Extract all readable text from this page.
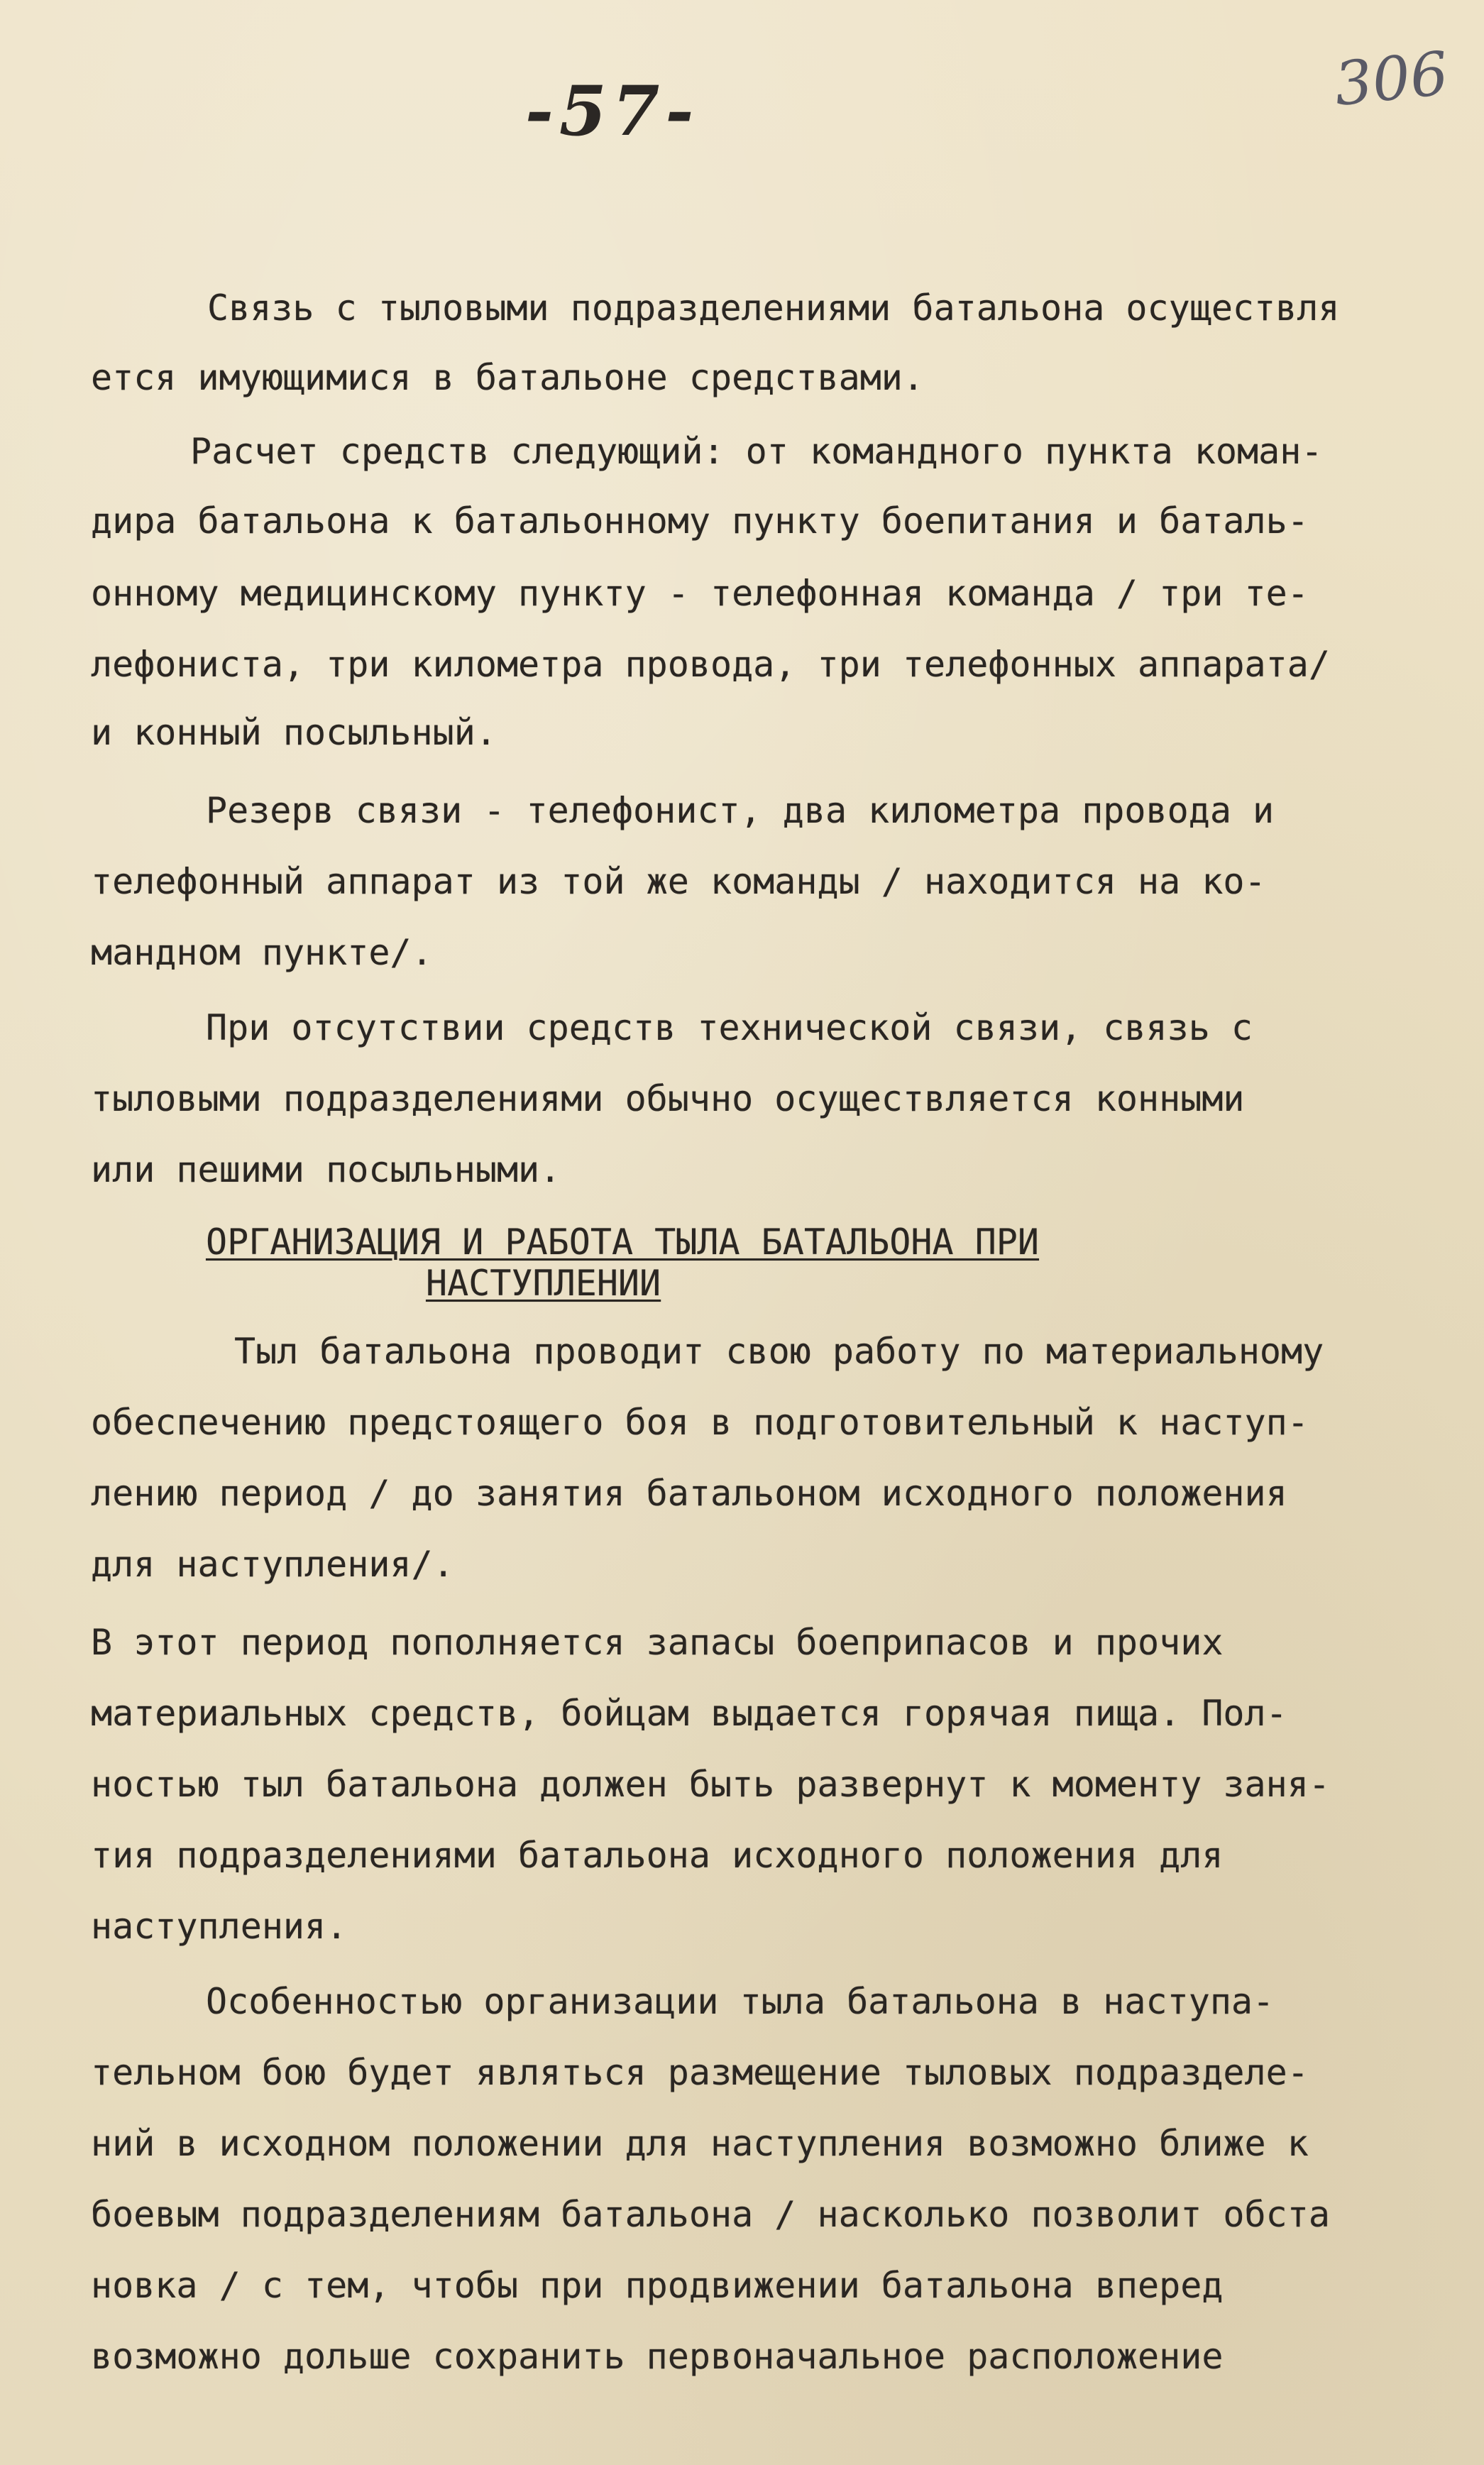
-57-	306
Связь с тыловыми подразделениями батальона осуществля
ется имующимися в батальоне средствами.
Расчет средств следующий: от командного пункта коман-
дира батальона к батальонному пункту боепитания и баталь-
онному медицинскому пункту - телефонная команда / три те-
лефониста, три километра провода, три телефонных аппарата/
и конный посыльный.
Резерв связи - телефонист, два километра провода и
телефонный аппарат из той же команды / находится на ко-
мандном пункте/.
При отсутствии средств технической связи, связь с
тыловыми подразделениями обычно осуществляется конными
или пешими посыльными.
ОРГАНИЗАЦИЯ И РАБОТА ТЫЛА БАТАЛЬОНА ПРИ
НАСТУПЛЕНИИ
Тыл батальона проводит свою работу по материальному
обеспечению предстоящего боя в подготовительный к наступ-
лению период / до занятия батальоном исходного положения
для наступления/.
В этот период пополняется запасы боеприпасов и прочих
материальных средств, бойцам выдается горячая пища. Пол-
ностью тыл батальона должен быть развернут к моменту заня-
тия подразделениями батальона исходного положения для
наступления.
Особенностью организации тыла батальона в наступа-
тельном бою будет являться размещение тыловых подразделе-
ний в исходном положении для наступления возможно ближе к
боевым подразделениям батальона / насколько позволит обста
новка / с тем, чтобы при продвижении батальона вперед
возможно дольше сохранить первоначальное расположение
